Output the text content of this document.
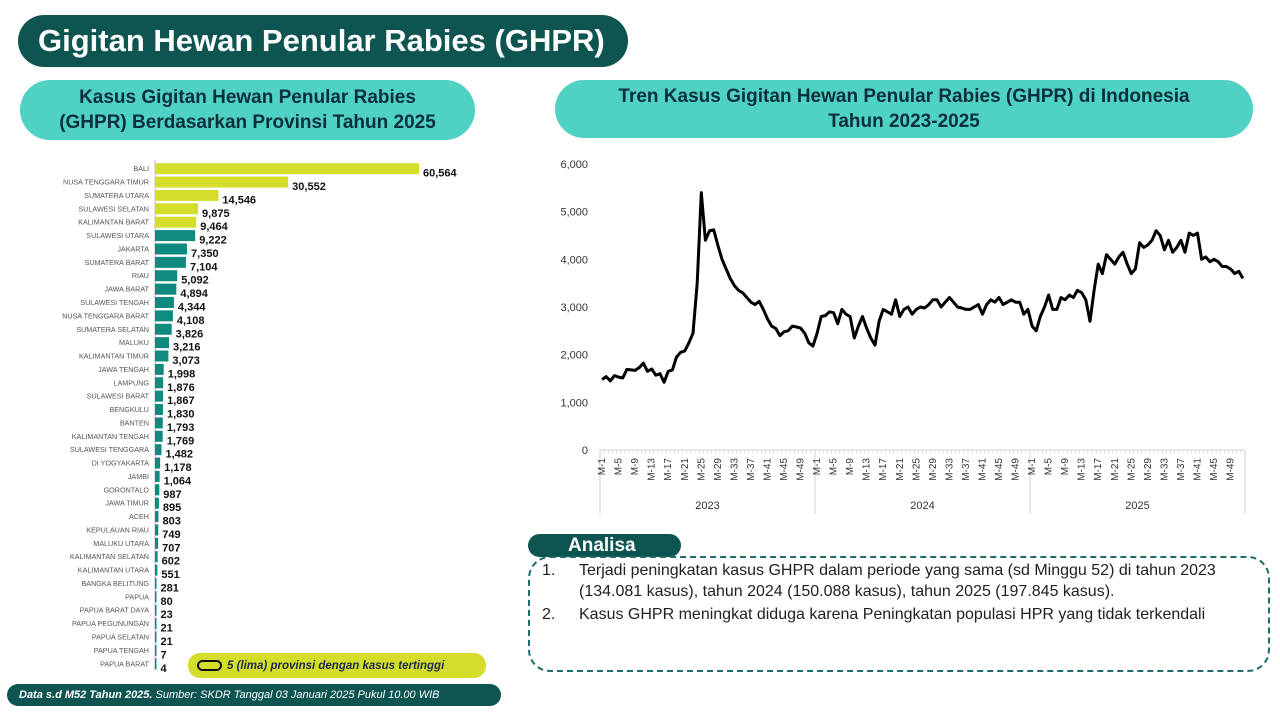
Gigitan Hewan Penular Rabies (GHPR)
Kasus Gigitan Hewan Penular Rabies
(GHPR) Berdasarkan Provinsi Tahun 2025
Tren Kasus Gigitan Hewan Penular Rabies (GHPR) di Indonesia
Tahun 2023-2025
BALI	60,564
NUSA TENGGARA TIMUR	30,552
SUMATERA UTARA	14,546
SULAWESI SELATAN	9,875
KALIMANTAN BARAT	9,464
SULAWESI UTARA	9,222
JAKARTA	7,350
SUMATERA BARAT	7,104
RIAU	5,092
JAWA BARAT	4,894
SULAWESI TENGAH	4,344
NUSA TENGGARA BARAT	4,108
SUMATERA SELATAN 3,826
MALUKU 3,216
KALIMANTAN TIMUR 3,073
JAWA TENGAH 1,998
LAMPUNG 1,876
SULAWESI BARAT 1,867
BENGKULU 1,830
BANTEN 1,793
KALIMANTAN TENGAH 1,769
SULAWESI TENGGARA 1,482
DI YOGYAKARTA 1,178
JAMBI 1,064
GORONTALO 987
JAWA TIMUR 895
ACEH 803
KEPULAUAN RIAU 749
MALUKU UTARA 707
KALIMANTAN SELATAN 602
KALIMANTAN UTARA 551
BANGKA BELITUNG 281
PAPUA 80
PAPUA BARAT DAYA 23
PAPUA PEGUNUNGAN 21
PAPUA SELATAN 21
PAPUA TENGAH 7
PAPUA BARAT 4	5 (lima) provinsi dengan kasus tertinggi
Data s.d M52 Tahun 2025. Sumber: SKDR Tanggal 03 Januari 2025 Pukul 10.00 WIB
0
1,000
2,000
3,000
4,000
5,000
6,000
M-1 M-5 M-9 M-13 M-17 M-21 M-25 M-29 M-33 M-37 M-41 M-45 M-49
2023
M-1 M-5 M-9 M-13 M-17 M-21 M-25 M-29 M-33 M-37 M-41 M-45 M-49
2024
M-1 M-5 M-9 M-13 M-17 M-21 M-25 M-29 M-33 M-37 M-41 M-45 M-49
2025
Analisa
1.	Terjadi peningkatan kasus GHPR dalam periode yang sama (sd Minggu 52) di tahun 2023 (134.081 kasus), tahun 2024 (150.088 kasus), tahun 2025 (197.845 kasus).
2.	Kasus GHPR meningkat diduga karena Peningkatan populasi HPR yang tidak terkendali
